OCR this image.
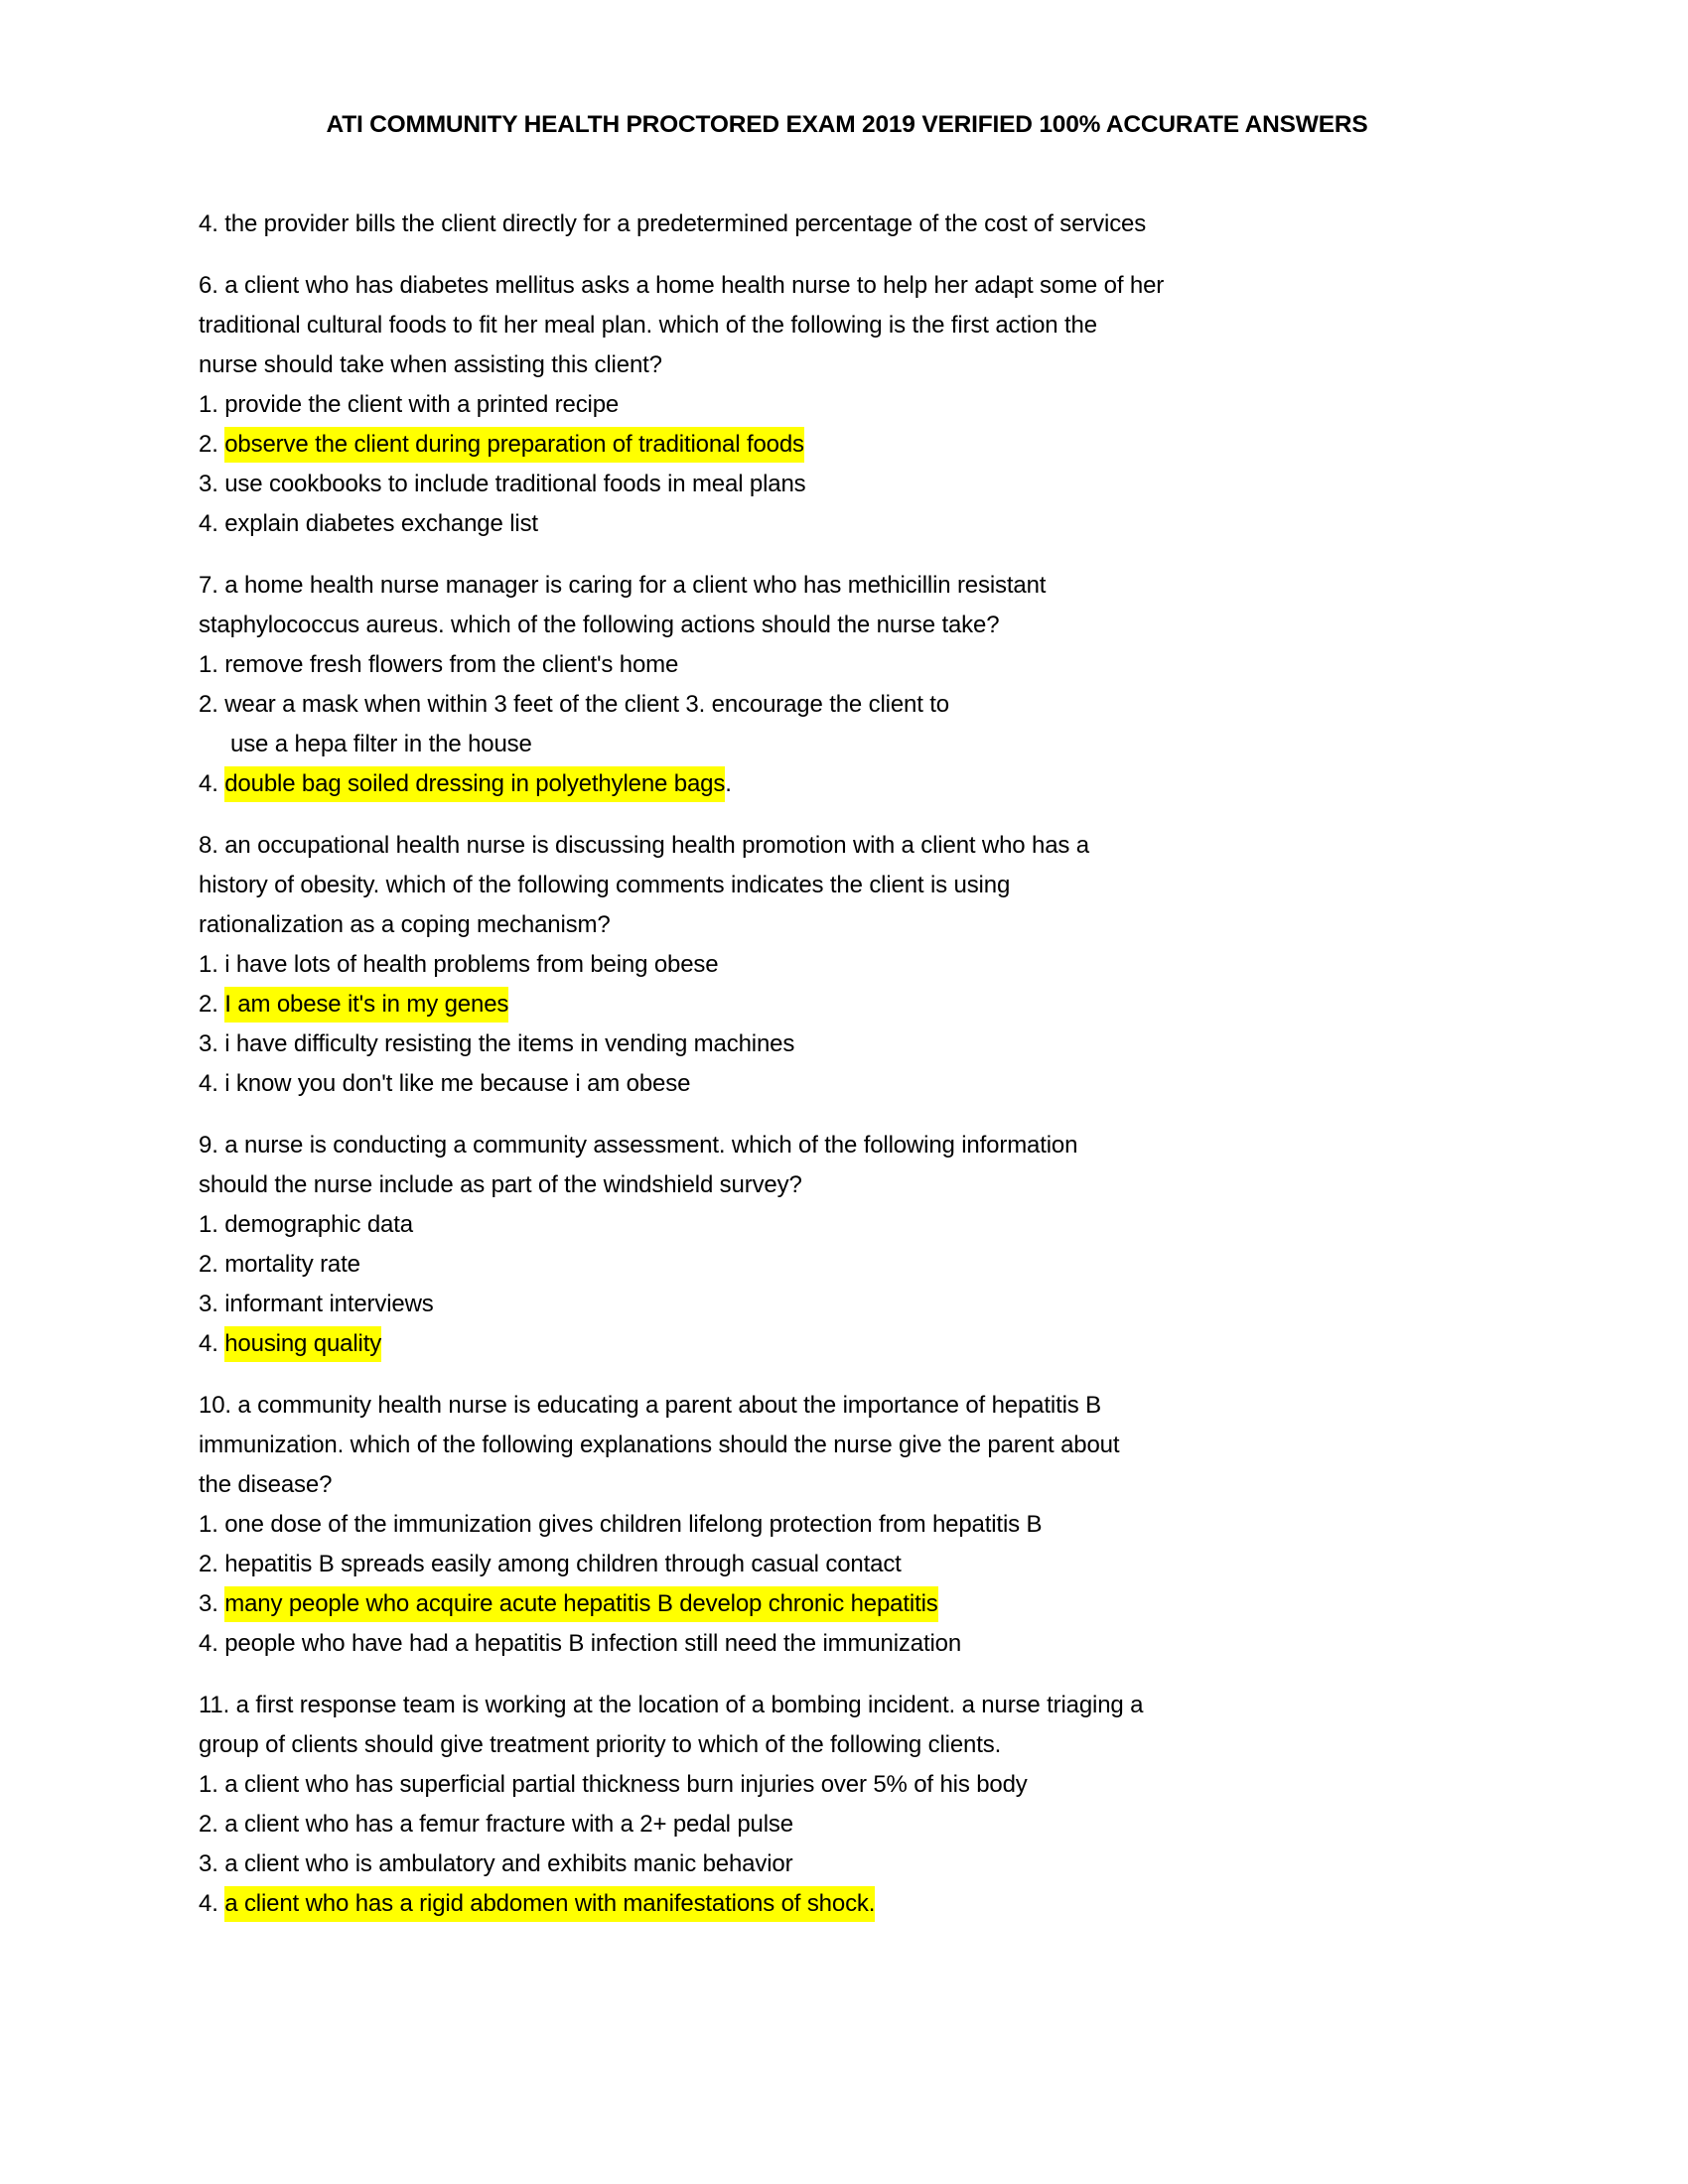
ATI COMMUNITY HEALTH PROCTORED EXAM 2019 VERIFIED 100% ACCURATE ANSWERS
4. the provider bills the client directly for a predetermined percentage of the cost of services
6. a client who has diabetes mellitus asks a home health nurse to help her adapt some of her
traditional cultural foods to fit her meal plan. which of the following is the first action the
nurse should take when assisting this client?
1. provide the client with a printed recipe
2. observe the client during preparation of traditional foods
3. use cookbooks to include traditional foods in meal plans
4. explain diabetes exchange list
7. a home health nurse manager is caring for a client who has methicillin resistant
staphylococcus aureus. which of the following actions should the nurse take?
1. remove fresh flowers from the client's home
2. wear a mask when within 3 feet of the client 3. encourage the client to
use a hepa filter in the house
4. double bag soiled dressing in polyethylene bags.
8. an occupational health nurse is discussing health promotion with a client who has a
history of obesity. which of the following comments indicates the client is using
rationalization as a coping mechanism?
1. i have lots of health problems from being obese
2. I am obese it's in my genes
3. i have difficulty resisting the items in vending machines
4. i know you don't like me because i am obese
9. a nurse is conducting a community assessment. which of the following information
should the nurse include as part of the windshield survey?
1. demographic data
2. mortality rate
3. informant interviews
4. housing quality
10. a community health nurse is educating a parent about the importance of hepatitis B
immunization. which of the following explanations should the nurse give the parent about
the disease?
1. one dose of the immunization gives children lifelong protection from hepatitis B
2. hepatitis B spreads easily among children through casual contact
3. many people who acquire acute hepatitis B develop chronic hepatitis
4. people who have had a hepatitis B infection still need the immunization
11. a first response team is working at the location of a bombing incident. a nurse triaging a
group of clients should give treatment priority to which of the following clients.
1. a client who has superficial partial thickness burn injuries over 5% of his body
2. a client who has a femur fracture with a 2+ pedal pulse
3. a client who is ambulatory and exhibits manic behavior
4. a client who has a rigid abdomen with manifestations of shock.
